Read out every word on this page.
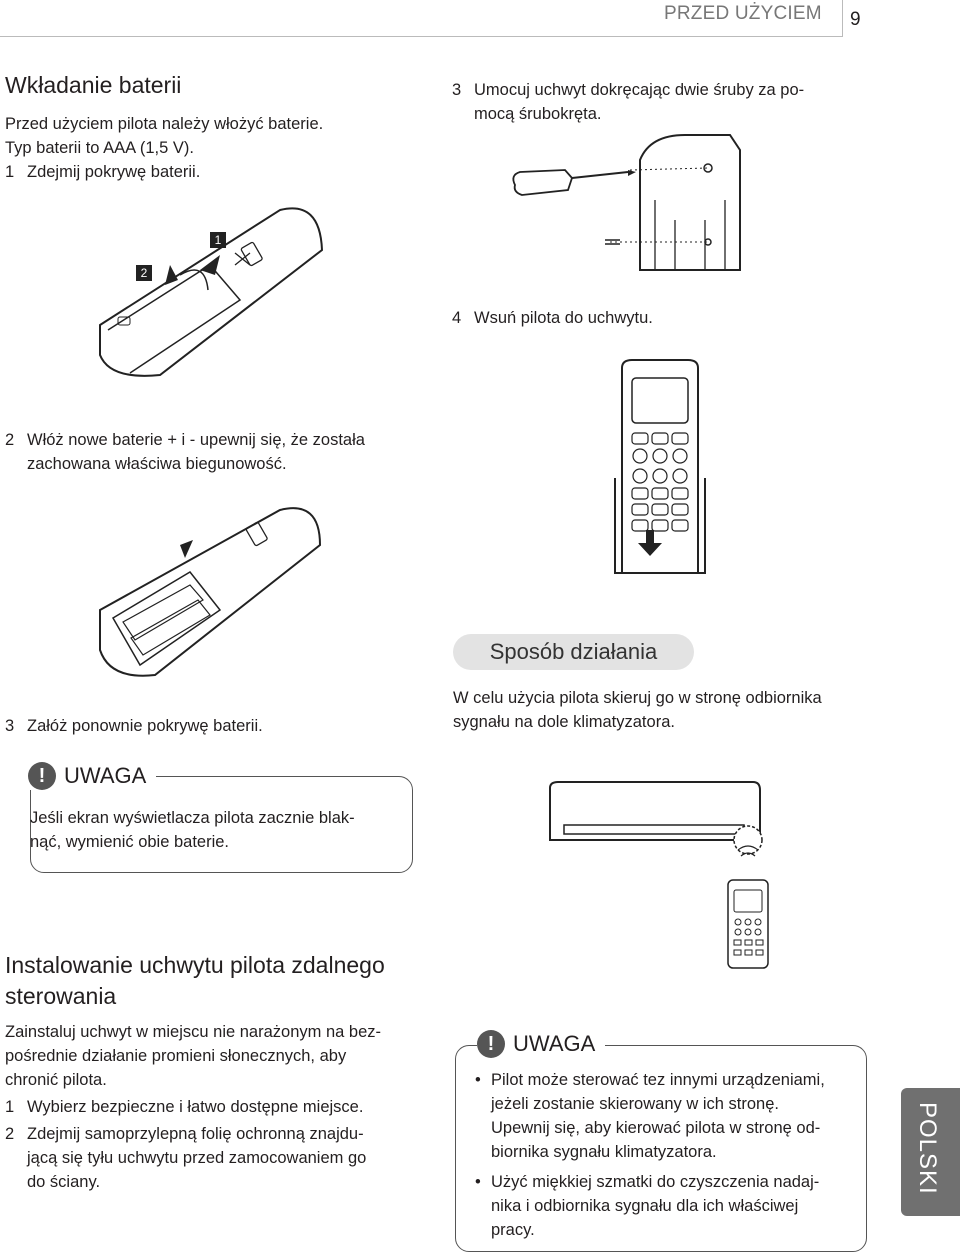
PRZED UŻYCIEM 9
Wkładanie baterii
Przed użyciem pilota należy włożyć baterie.
Typ baterii to AAA (1,5 V).
1 Zdejmij pokrywę baterii.
1
2
2 Włóż nowe baterie + i - upewnij się, że została
zachowana właściwa biegunowość.
3 Załóż ponownie pokrywę baterii.
! UWAGA
Jeśli ekran wyświetlacza pilota zacznie blak-
nąć, wymienić obie baterie.
3 Umocuj uchwyt dokręcając dwie śruby za po-
mocą śrubokręta.
4 Wsuń pilota do uchwytu.
Sposób działania
W celu użycia pilota skieruj go w stronę odbiornika
sygnału na dole klimatyzatora.
Instalowanie uchwytu pilota zdalnego
sterowania
Zainstaluj uchwyt w miejscu nie narażonym na bez-
pośrednie działanie promieni słonecznych, aby
chronić pilota.
1 Wybierz bezpieczne i łatwo dostępne miejsce.
2 Zdejmij samoprzylepną folię ochronną znajdu-
jącą się tyłu uchwytu przed zamocowaniem go
do ściany.
! UWAGA
• Pilot może sterować tez innymi urządzeniami,
jeżeli zostanie skierowany w ich stronę.
Upewnij się, aby kierować pilota w stronę od-
biornika sygnału klimatyzatora.
• Użyć miękkiej szmatki do czyszczenia nadaj-
nika i odbiornika sygnału dla ich właściwej
pracy.
POLSKI
